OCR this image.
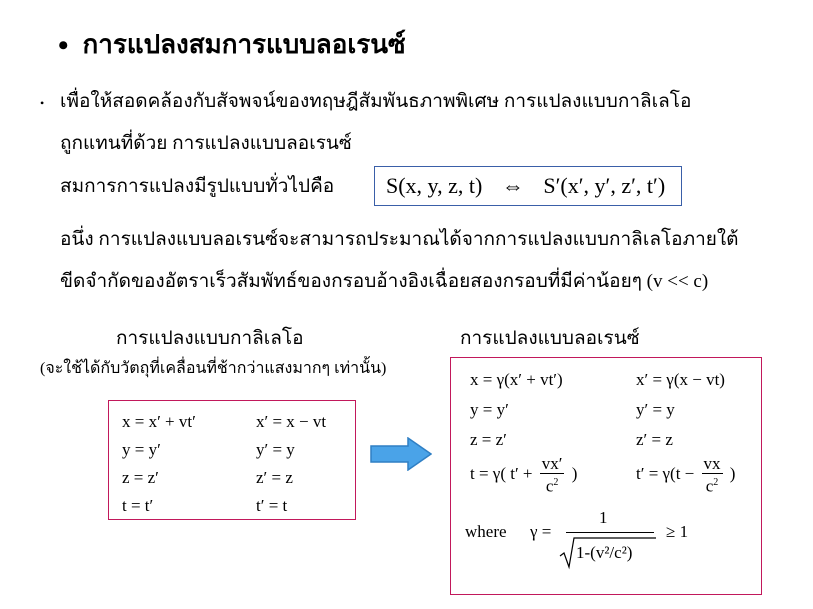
• การแปลงสมการแบบลอเรนซ์
• เพื่อให้สอดคล้องกับสัจพจน์ของทฤษฎีสัมพันธภาพพิเศษ การแปลงแบบกาลิเลโอ
ถูกแทนที่ด้วย การแปลงแบบลอเรนซ์
สมการการแปลงมีรูปแบบทั่วไปคือ
อนึ่ง การแปลงแบบลอเรนซ์จะสามารถประมาณได้จากการแปลงแบบกาลิเลโอภายใต้
ขีดจำกัดของอัตราเร็วสัมพัทธ์ของกรอบอ้างอิงเฉื่อยสองกรอบที่มีค่าน้อยๆ (v << c)
S(x, y, z, t) ⇔ S′(x′, y′, z′, t′)
การแปลงแบบกาลิเลโอ
(จะใช้ได้กับวัตถุที่เคลื่อนที่ช้ากว่าแสงมากๆ เท่านั้น)
x = x′ + vt′
y = y′
z = z′
t = t′
x′ = x − vt
y′ = y
z′ = z
t′ = t
การแปลงแบบลอเรนซ์
x = γ(x′ + vt′)
y = y′
z = z′
x′ = γ(x − vt)
y′ = y
z′ = z
t = γ( $t' + \frac{vx'}{c^2}$ )	$t' = \gamma(t - \frac{vx}{c^2}$ )
where γ =
1
1-(v²/c²)
≥ 1
